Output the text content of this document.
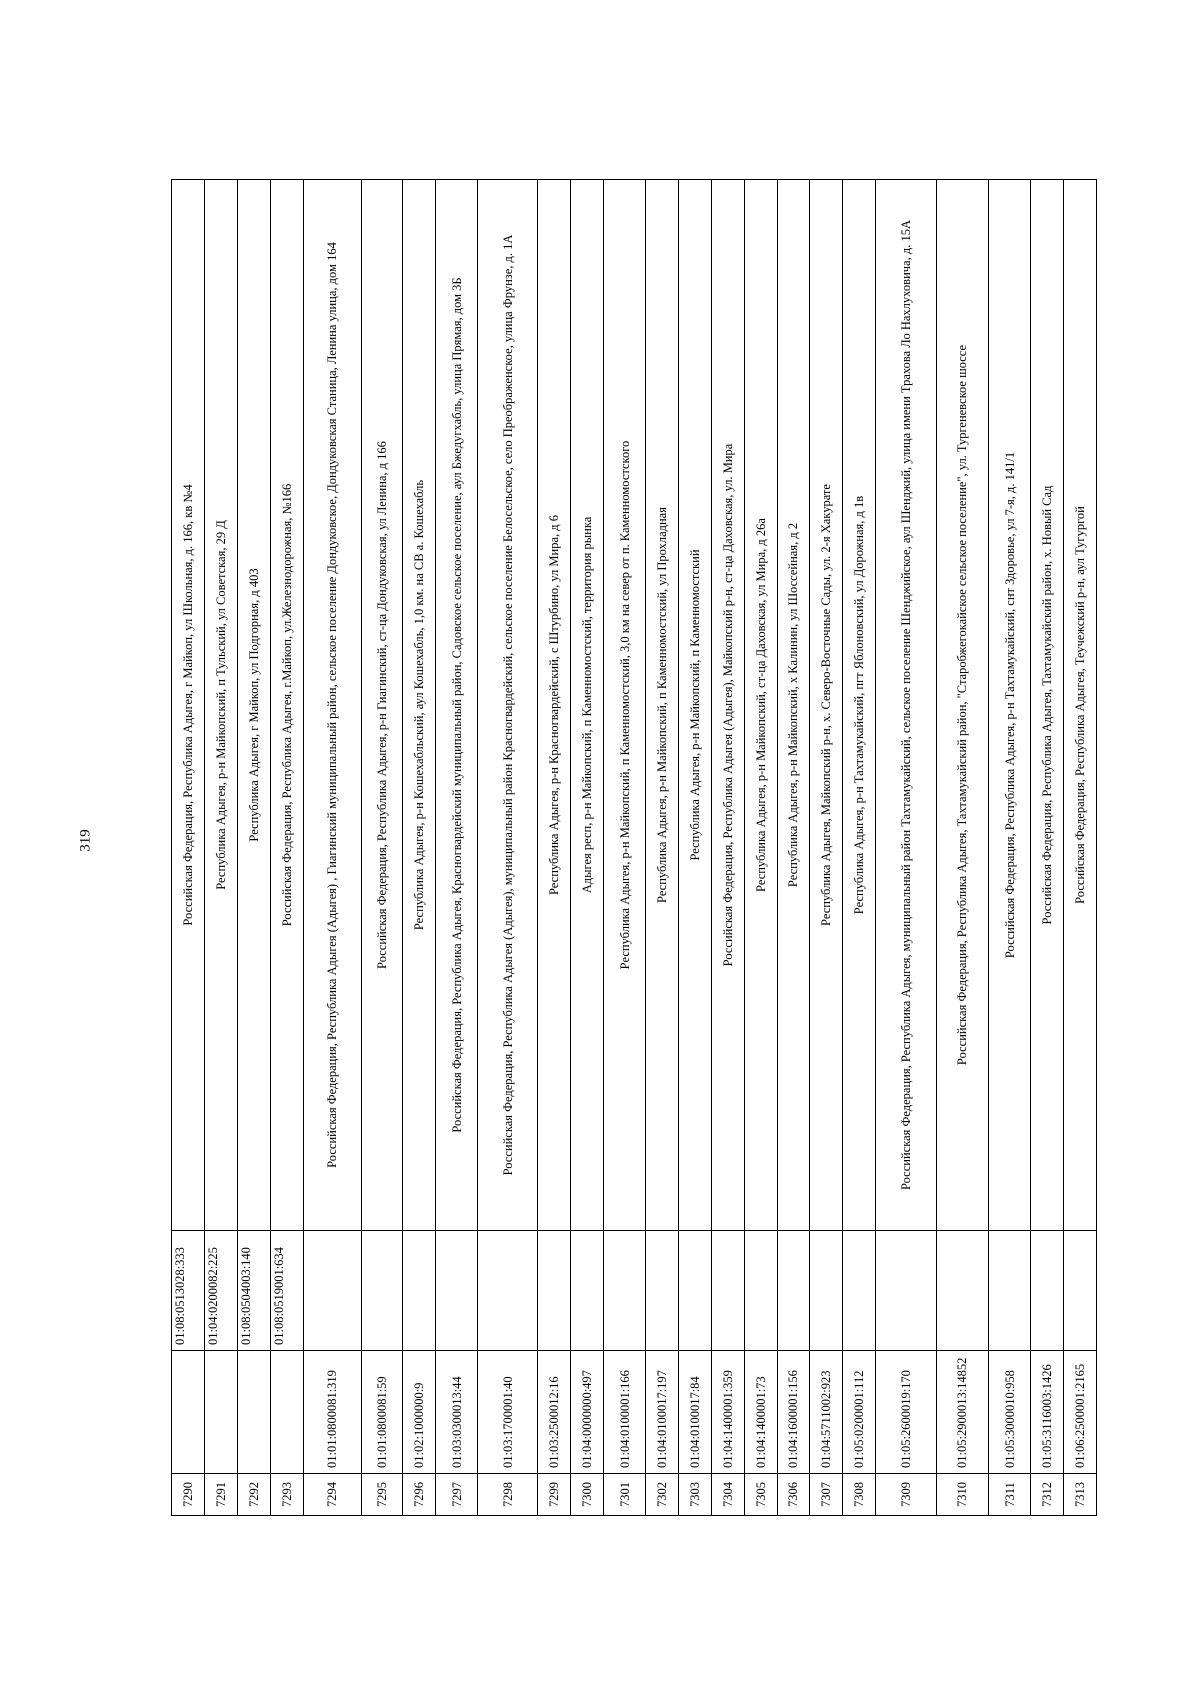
319
7290		01:08:0513028:333	Российская Федерация, Республика Адыгея, г Майкоп, ул Школьная, д. 166, кв №4
7291		01:04:0200082:225	Республика Адыгея, р-н Майкопский, п Тульский, ул Советская, 29 Д
7292		01:08:0504003:140	Республика Адыгея, г Майкоп, ул Подгорная, д 403
7293		01:08:0519001:634	Российская Федерация, Республика Адыгея, г.Майкоп, ул.Железнодорожная, №166
7294	01:01:0800081:319		Российская Федерация, Республика Адыгея (Адыгея) , Гиагинский муниципальный район, сельское поселение Дондуковское, Дондуковская Станица, Ленина улица, дом 164
7295	01:01:0800081:59		Российская Федерация, Республика Адыгея, р-н Гиагинский, ст-ца Дондуковская, ул Ленина, д 166
7296	01:02:1000000:9		Республика Адыгея, р-н Кошехабльский, аул Кошехабль, 1,0 км. на СВ а. Кошехабль
7297	01:03:0300013:44		Российская Федерация, Республика Адыгея, Красногвардейский муниципальный район, Садовское сельское поселение, аул Бжедугхабль, улица Прямая, дом 3Б
7298	01:03:1700001:40		Российская Федерация, Республика Адыгея (Адыгея), муниципальный район Красногвардейский, сельское поселение Белосельское, село Преображенское, улица Фрунзе, д. 1А
7299	01:03:2500012:16		Республика Адыгея, р-н Красногвардейский, с Штурбино, ул Мира, д 6
7300	01:04:0000000:497		Адыгея респ, р-н Майкопский, п Каменномостский, территория рынка
7301	01:04:0100001:166		Республика Адыгея, р-н Майкопский, п Каменномостский, 3,0 км на север от п. Каменномостского
7302	01:04:0100017:197		Республика Адыгея, р-н Майкопский, п Каменномостский, ул Прохладная
7303	01:04:0100017:84		Республика Адыгея, р-н Майкопский, п Каменномостский
7304	01:04:1400001:359		Российская Федерация, Республика Адыгея (Адыгея), Майкопский р-н, ст-ца Даховская, ул. Мира
7305	01:04:1400001:73		Республика Адыгея, р-н Майкопский, ст-ца Даховская, ул Мира, д 26а
7306	01:04:1600001:156		Республика Адыгея, р-н Майкопский, х Калинин, ул Шоссейная, д 2
7307	01:04:5711002:923		Республика Адыгея, Майкопский р-н, х. Северо-Восточные Сады, ул. 2-я Хакурате
7308	01:05:0200001:112		Республика Адыгея, р-н Тахтамукайский, пгт Яблоновский, ул Дорожная, д 1в
7309	01:05:2600019:170		Российская Федерация, Республика Адыгея, муниципальный район Тахтамукайский, сельское поселение Шенджийское, аул Шенджий, улица имени Трахова Ло Нахлуховича, д. 15А
7310	01:05:2900013:14852		Российская Федерация, Республика Адыгея, Тахтамукайский район, "Старобжегокайское сельское поселение", ул. Тургеневское шоссе
7311	01:05:3000010:958		Российская Федерация, Республика Адыгея, р-н Тахтамукайский, снт Здоровье, ул 7-я, д. 141/1
7312	01:05:3116003:1426		Российская Федерация, Республика Адыгея, Тахтамукайский район, х. Новый Сад
7313	01:06:2500001:2165		Российская Федерация, Республика Адыгея, Теучежский р-н, аул Тугургой
